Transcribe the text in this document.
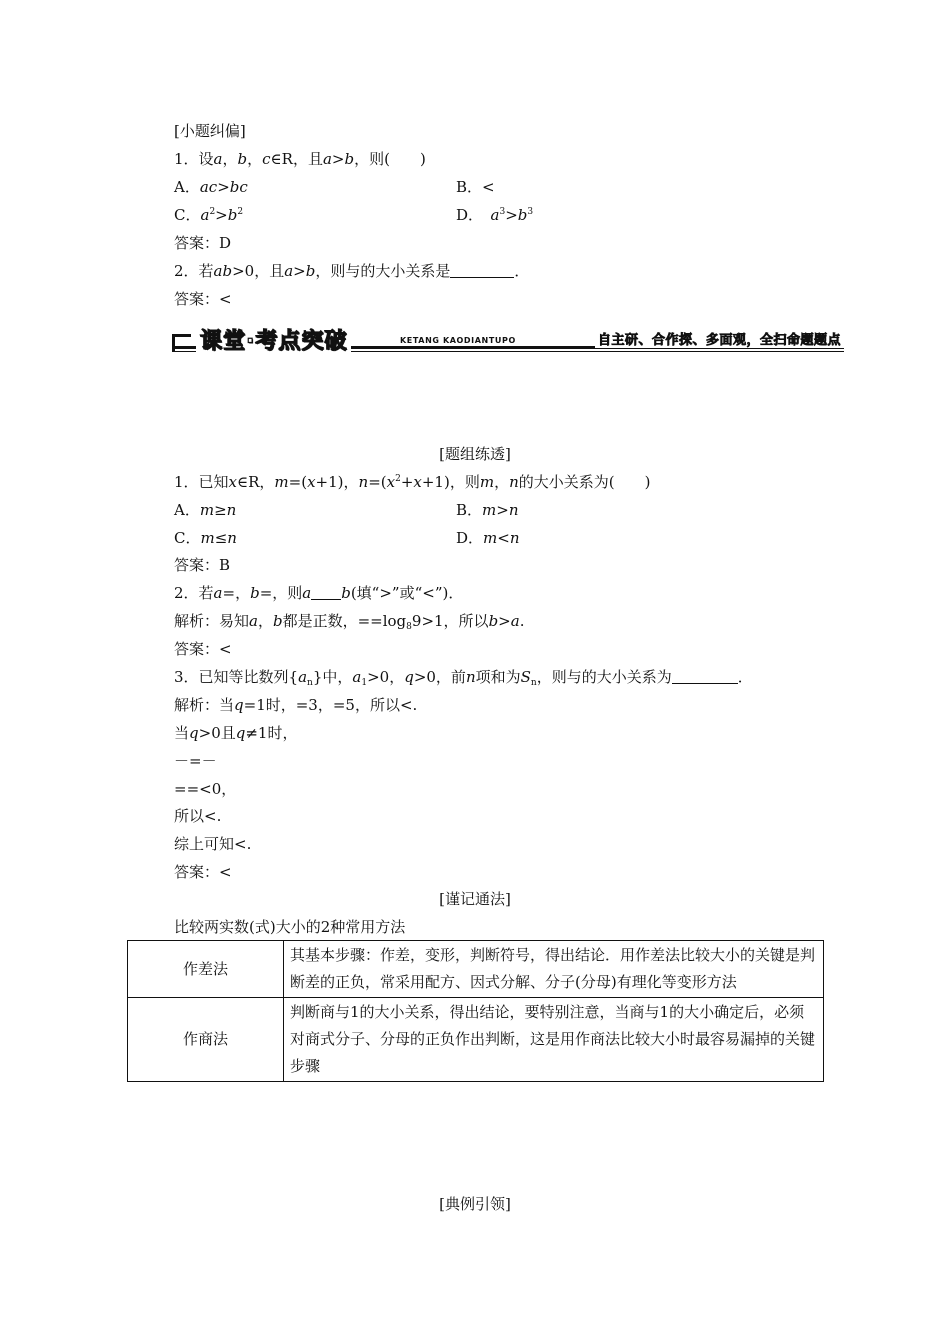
[小题纠偏]
1．设a，b，c∈R，且a>b，则(　　)
A．ac>bc	B．<
C．$a^2>b^2$	D．　$a^3>b^3$
答案：D
2．若ab>0，且a>b，则与的大小关系是	．
答案：<
课堂·考点突破	KETANG KAODIANTUPO	自主研、合作探、多面观，全扫命题题点
[题组练透]
1．已知x∈R，m=(x+1)，$n=(x^2+x+1)$，则m，n的大小关系为(　　)
A．m≥n	B．m>n
C．m≤n	D．m<n
答案：B
2．若a=，b=，则a b(填“>”或“<”)．
解析：易知a，b都是正数，$==\log_89>1$，所以b>a.
答案：<
3．已知等比数列$\{a_n\}$中，$a_1>0$，q>0，前n项和为$S_n$，则与的大小关系为	．
解析：当q=1时，=3，=5，所以<.
当q>0且q≠1时，
－=－
==<0，
所以<.
综上可知<.
答案：<
[谨记通法]
比较两实数(式)大小的2种常用方法
作差法	其基本步骤：作差，变形，判断符号，得出结论．用作差法比较大小的关键是判断差的正负，常采用配方、因式分解、分子(分母)有理化等变形方法
作商法	判断商与1的大小关系，得出结论，要特别注意，当商与1的大小确定后，必须对商式分子、分母的正负作出判断，这是用作商法比较大小时最容易漏掉的关键步骤
[典例引领]
